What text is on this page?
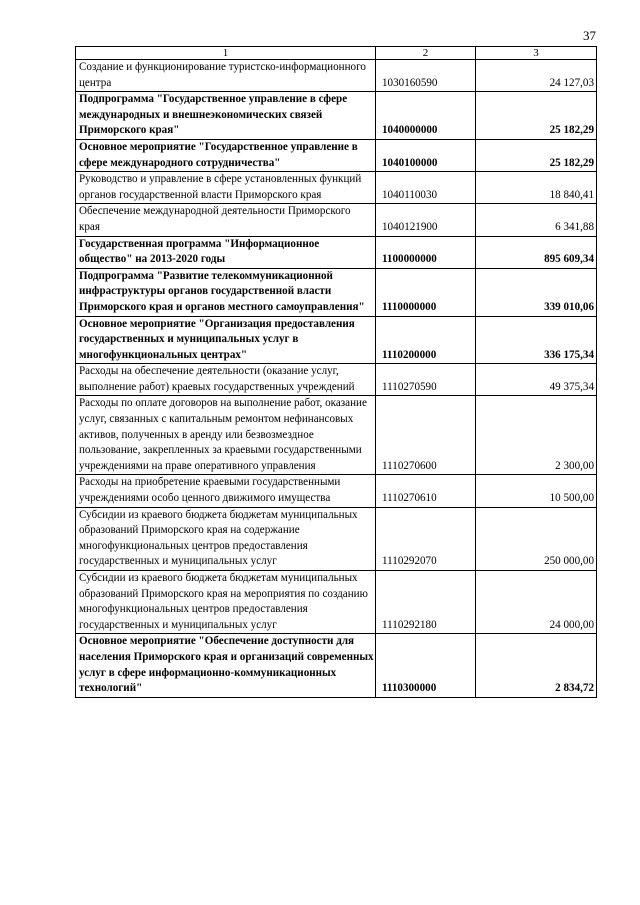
37
1	2	3
Создание и функционирование туристско-информационного центра	1030160590	24 127,03
Подпрограмма "Государственное управление в сфере международных и внешнеэкономических связей Приморского края"	1040000000	25 182,29
Основное мероприятие "Государственное управление в сфере международного сотрудничества"	1040100000	25 182,29
Руководство и управление в сфере установленных функций органов государственной власти Приморского края	1040110030	18 840,41
Обеспечение международной деятельности Приморского края	1040121900	6 341,88
Государственная программа "Информационное общество" на 2013-2020 годы	1100000000	895 609,34
Подпрограмма "Развитие телекоммуникационной инфраструктуры органов государственной власти Приморского края и органов местного самоуправления"	1110000000	339 010,06
Основное мероприятие "Организация предоставления государственных и муниципальных услуг в многофункциональных центрах"	1110200000	336 175,34
Расходы на обеспечение деятельности (оказание услуг, выполнение работ) краевых государственных учреждений	1110270590	49 375,34
Расходы по оплате договоров на выполнение работ, оказание услуг, связанных с капитальным ремонтом нефинансовых активов, полученных в аренду или безвозмездное пользование, закрепленных за краевыми государственными учреждениями на праве оперативного управления	1110270600	2 300,00
Расходы на приобретение краевыми государственными учреждениями особо ценного движимого имущества	1110270610	10 500,00
Субсидии из краевого бюджета бюджетам муниципальных образований Приморского края на содержание многофункциональных центров предоставления государственных и муниципальных услуг	1110292070	250 000,00
Субсидии из краевого бюджета бюджетам муниципальных образований Приморского края на мероприятия по созданию многофункциональных центров предоставления государственных и муниципальных услуг	1110292180	24 000,00
Основное мероприятие "Обеспечение доступности для населения Приморского края и организаций современных услуг в сфере информационно-коммуникационных технологий"	1110300000	2 834,72
